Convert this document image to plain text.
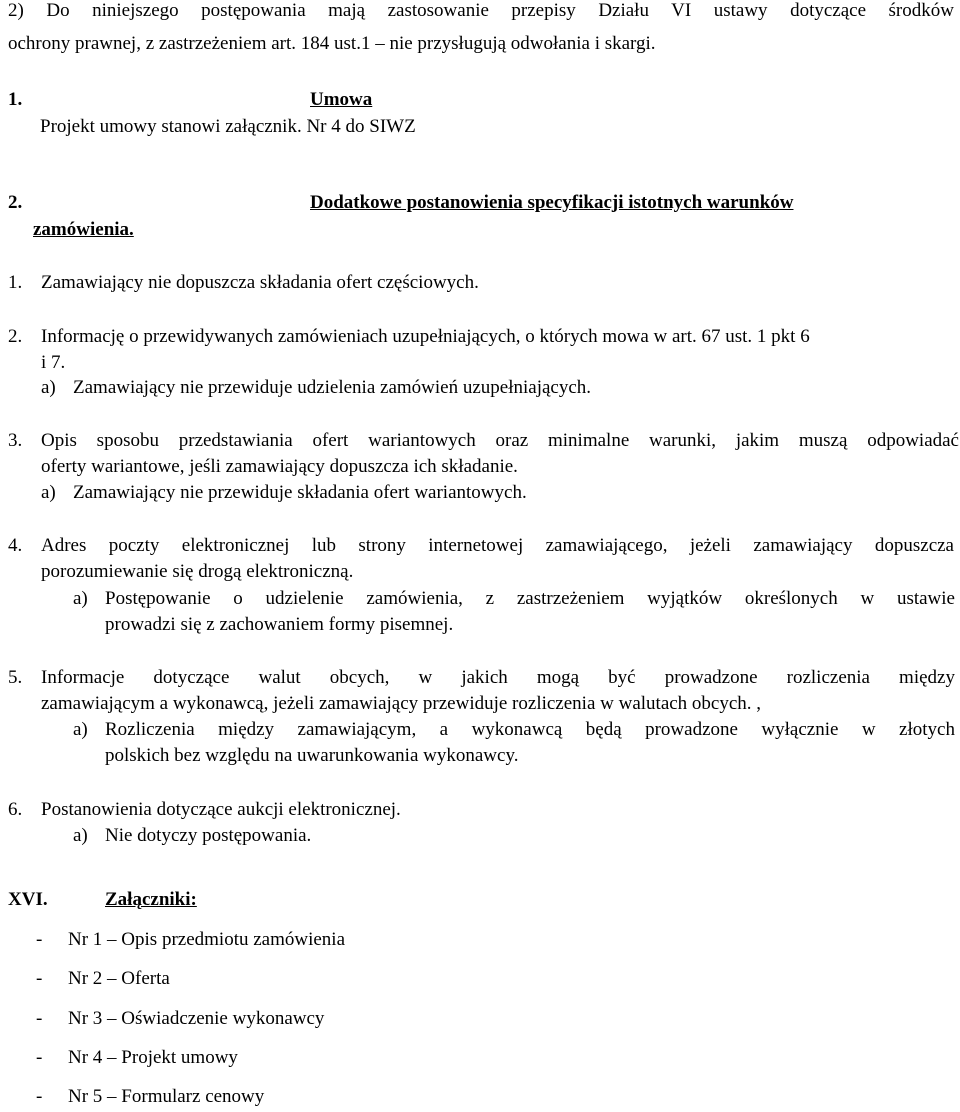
2) Do niniejszego postępowania mają zastosowanie przepisy Działu VI ustawy dotyczące środków
ochrony prawnej, z zastrzeżeniem art. 184 ust.1 – nie przysługują odwołania i skargi.
1.	Umowa
Projekt umowy stanowi załącznik. Nr 4 do SIWZ
2.	Dodatkowe postanowienia specyfikacji istotnych warunków
zamówienia.
1. Zamawiający nie dopuszcza składania ofert częściowych.
2. Informację o przewidywanych zamówieniach uzupełniających, o których mowa w art. 67 ust. 1 pkt 6
i 7.
a) Zamawiający nie przewiduje udzielenia zamówień uzupełniających.
3. Opis sposobu przedstawiania ofert wariantowych oraz minimalne warunki, jakim muszą odpowiadać
oferty wariantowe, jeśli zamawiający dopuszcza ich składanie.
a) Zamawiający nie przewiduje składania ofert wariantowych.
4. Adres poczty elektronicznej lub strony internetowej zamawiającego, jeżeli zamawiający dopuszcza
porozumiewanie się drogą elektroniczną.
a) Postępowanie o udzielenie zamówienia, z zastrzeżeniem wyjątków określonych w ustawie
prowadzi się z zachowaniem formy pisemnej.
5. Informacje dotyczące walut obcych, w jakich mogą być prowadzone rozliczenia między
zamawiającym a wykonawcą, jeżeli zamawiający przewiduje rozliczenia w walutach obcych. ,
a) Rozliczenia między zamawiającym, a wykonawcą będą prowadzone wyłącznie w złotych
polskich bez względu na uwarunkowania wykonawcy.
6. Postanowienia dotyczące aukcji elektronicznej.
a) Nie dotyczy postępowania.
XVI.	Załączniki:
- Nr 1 – Opis przedmiotu zamówienia
- Nr 2 – Oferta
- Nr 3 – Oświadczenie wykonawcy
- Nr 4 – Projekt umowy
- Nr 5 – Formularz cenowy
